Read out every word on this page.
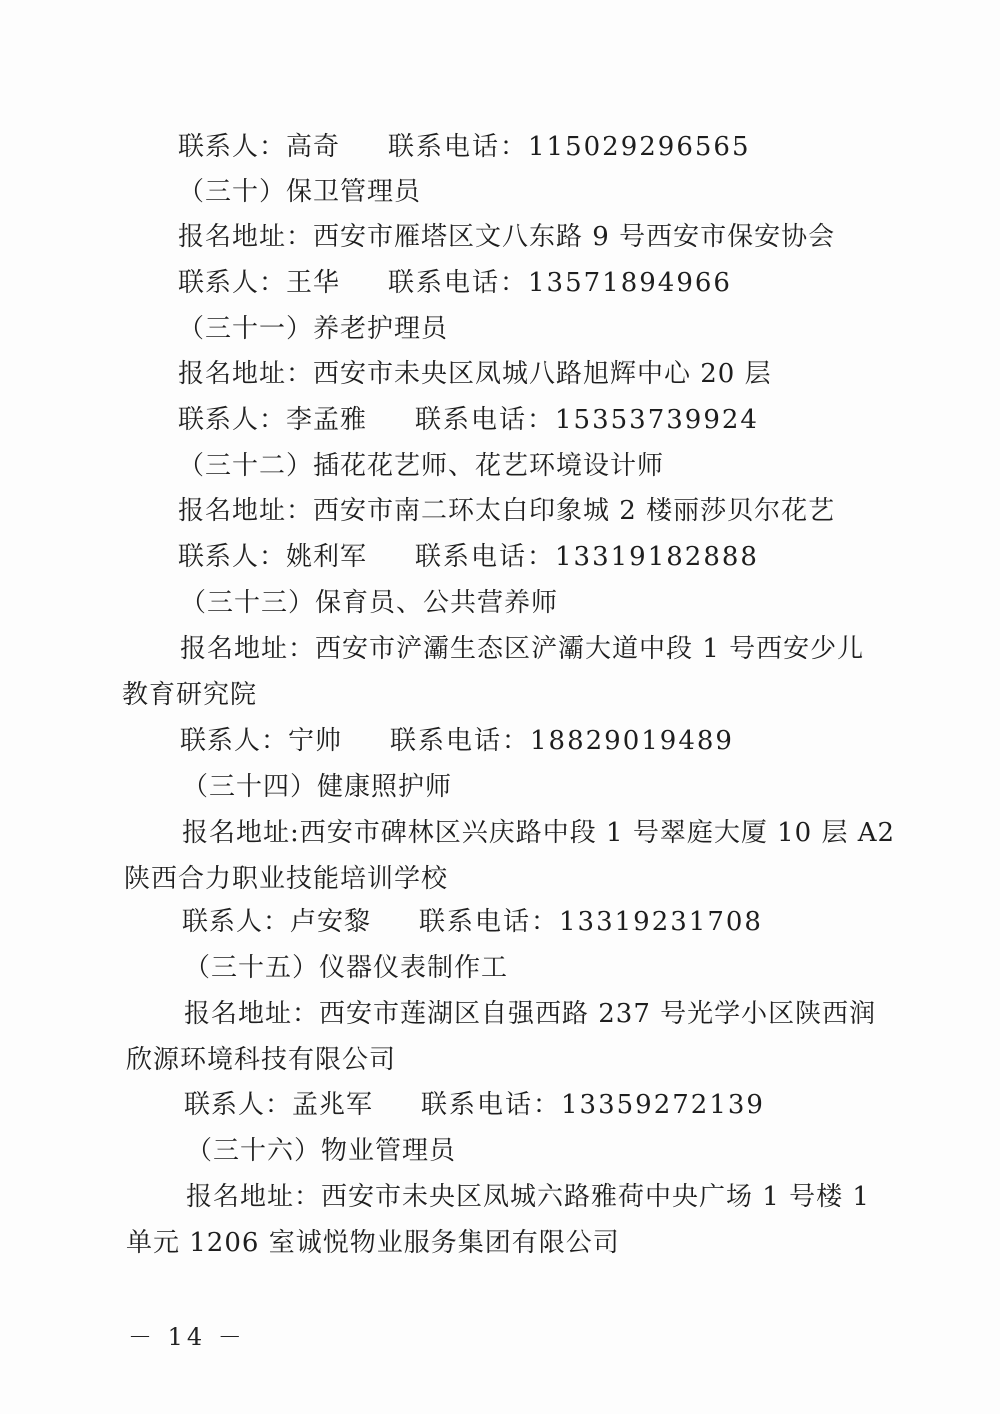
联系人：高奇 联系电话：11502929656​5
（三十）保卫管理员
报名地址：西安市雁塔区文八东路 9 号西安市保安协会
联系人：王华 联系电话：13571894966
（三十一）养老护理员
报名地址：西安市未央区凤城八路旭辉中心 20 层
联系人：李孟雅 联系电话：15353739924
（三十二）插花花艺师、花艺环境设计师
报名地址：西安市南二环太白印象城 2 楼丽莎贝尔花艺
联系人：姚利军 联系电话：13319182888
（三十三）保育员、公共营养师
报名地址：西安市浐灞生态区浐灞大道中段 1 号西安少儿
教育研究院
联系人：宁帅 联系电话：18829019489
（三十四）健康照护师
报名地址:西安市碑林区兴庆路中段 1 号翠庭大厦 10 层 A2
陕西合力职业技能培训学校
联系人：卢安黎 联系电话：13319231708
（三十五）仪器仪表制作工
报名地址：西安市莲湖区自强西路 237 号光学小区陕西润
欣源环境科技有限公司
联系人：孟兆军 联系电话：13359272139
（三十六）物业管理员
报名地址：西安市未央区凤城六路雅荷中央广场 1 号楼 1
单元 1206 室诚悦物业服务集团有限公司
－ 14 －
